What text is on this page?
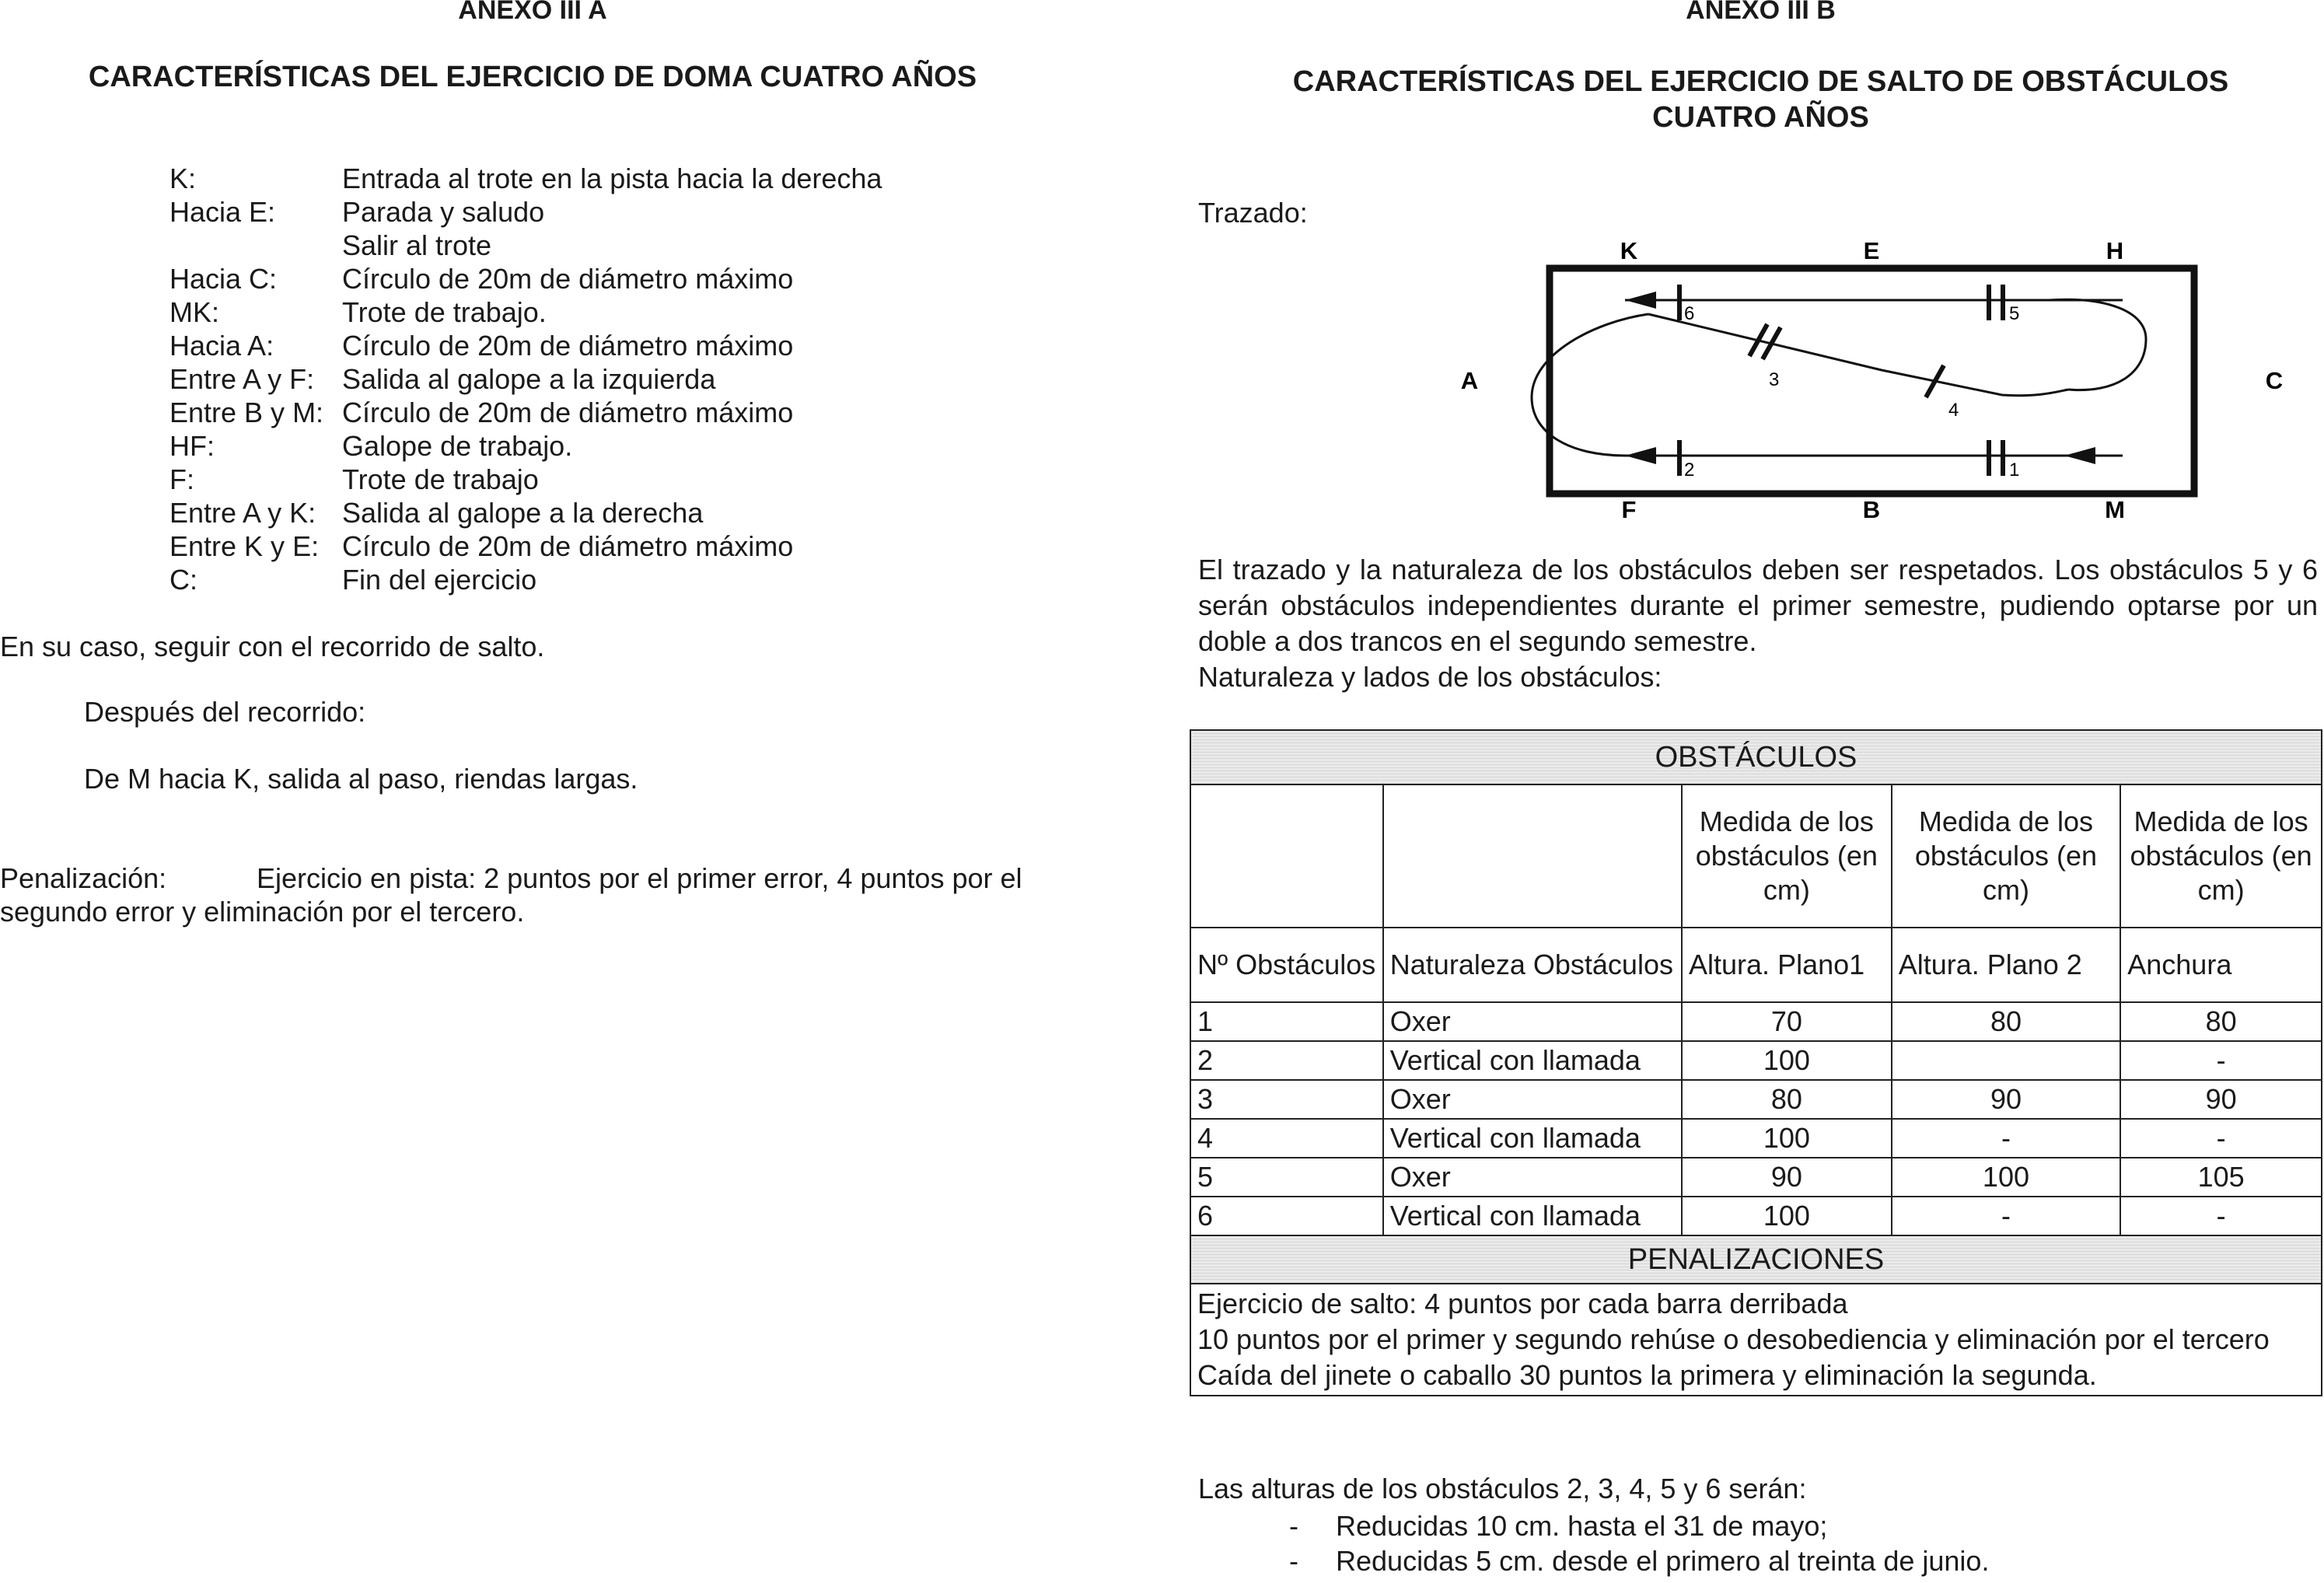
ANEXO III A
CARACTERÍSTICAS DEL EJERCICIO DE DOMA CUATRO AÑOS
K:	Entrada al trote en la pista hacia la derecha
Hacia E:	Parada y saludo
Salir al trote
Hacia C:	Círculo de 20m de diámetro máximo
MK:	Trote de trabajo.
Hacia A:	Círculo de 20m de diámetro máximo
Entre A y F: Salida al galope a la izquierda
Entre B y M: Círculo de 20m de diámetro máximo
HF:	Galope de trabajo.
F:	Trote de trabajo
Entre A y K: Salida al galope a la derecha
Entre K y E: Círculo de 20m de diámetro máximo
C:	Fin del ejercicio
En su caso, seguir con el recorrido de salto.
Después del recorrido:
De M hacia K, salida al paso, riendas largas.
Penalización:	Ejercicio en pista: 2 puntos por el primer error, 4 puntos por el
segundo error y eliminación por el tercero.
ANEXO III B
CARACTERÍSTICAS DEL EJERCICIO DE SALTO DE OBSTÁCULOS
CUATRO AÑOS
Trazado:
K	E	H
F	B	M
A	C
6	5
2	1
3
4
El trazado y la naturaleza de los obstáculos deben ser respetados. Los obstáculos 5 y 6 serán obstáculos independientes durante el primer semestre, pudiendo optarse por un doble a dos trancos en el segundo semestre.
Naturaleza y lados de los obstáculos:
OBSTÁCULOS				
		Medida de los obstáculos (en cm)	Medida de los obstáculos (en cm)	Medida de los obstáculos (en cm)
Nº Obstáculos	Naturaleza Obstáculos	Altura. Plano1	Altura. Plano 2	Anchura
1	Oxer	70	80	80
2	Vertical con llamada	100		-
3	Oxer	80	90	90
4	Vertical con llamada	100	-	-
5	Oxer	90	100	105
6	Vertical con llamada	100	-	-
PENALIZACIONES				

Ejercicio de salto: 4 puntos por cada barra derribada
10 puntos por el primer y segundo rehúse o desobediencia y eliminación por el tercero
Caída del jinete o caballo 30 puntos la primera y eliminación la segunda.				
Las alturas de los obstáculos 2, 3, 4, 5 y 6 serán:
-	Reducidas 10 cm. hasta el 31 de mayo;
-	Reducidas 5 cm. desde el primero al treinta de junio.
